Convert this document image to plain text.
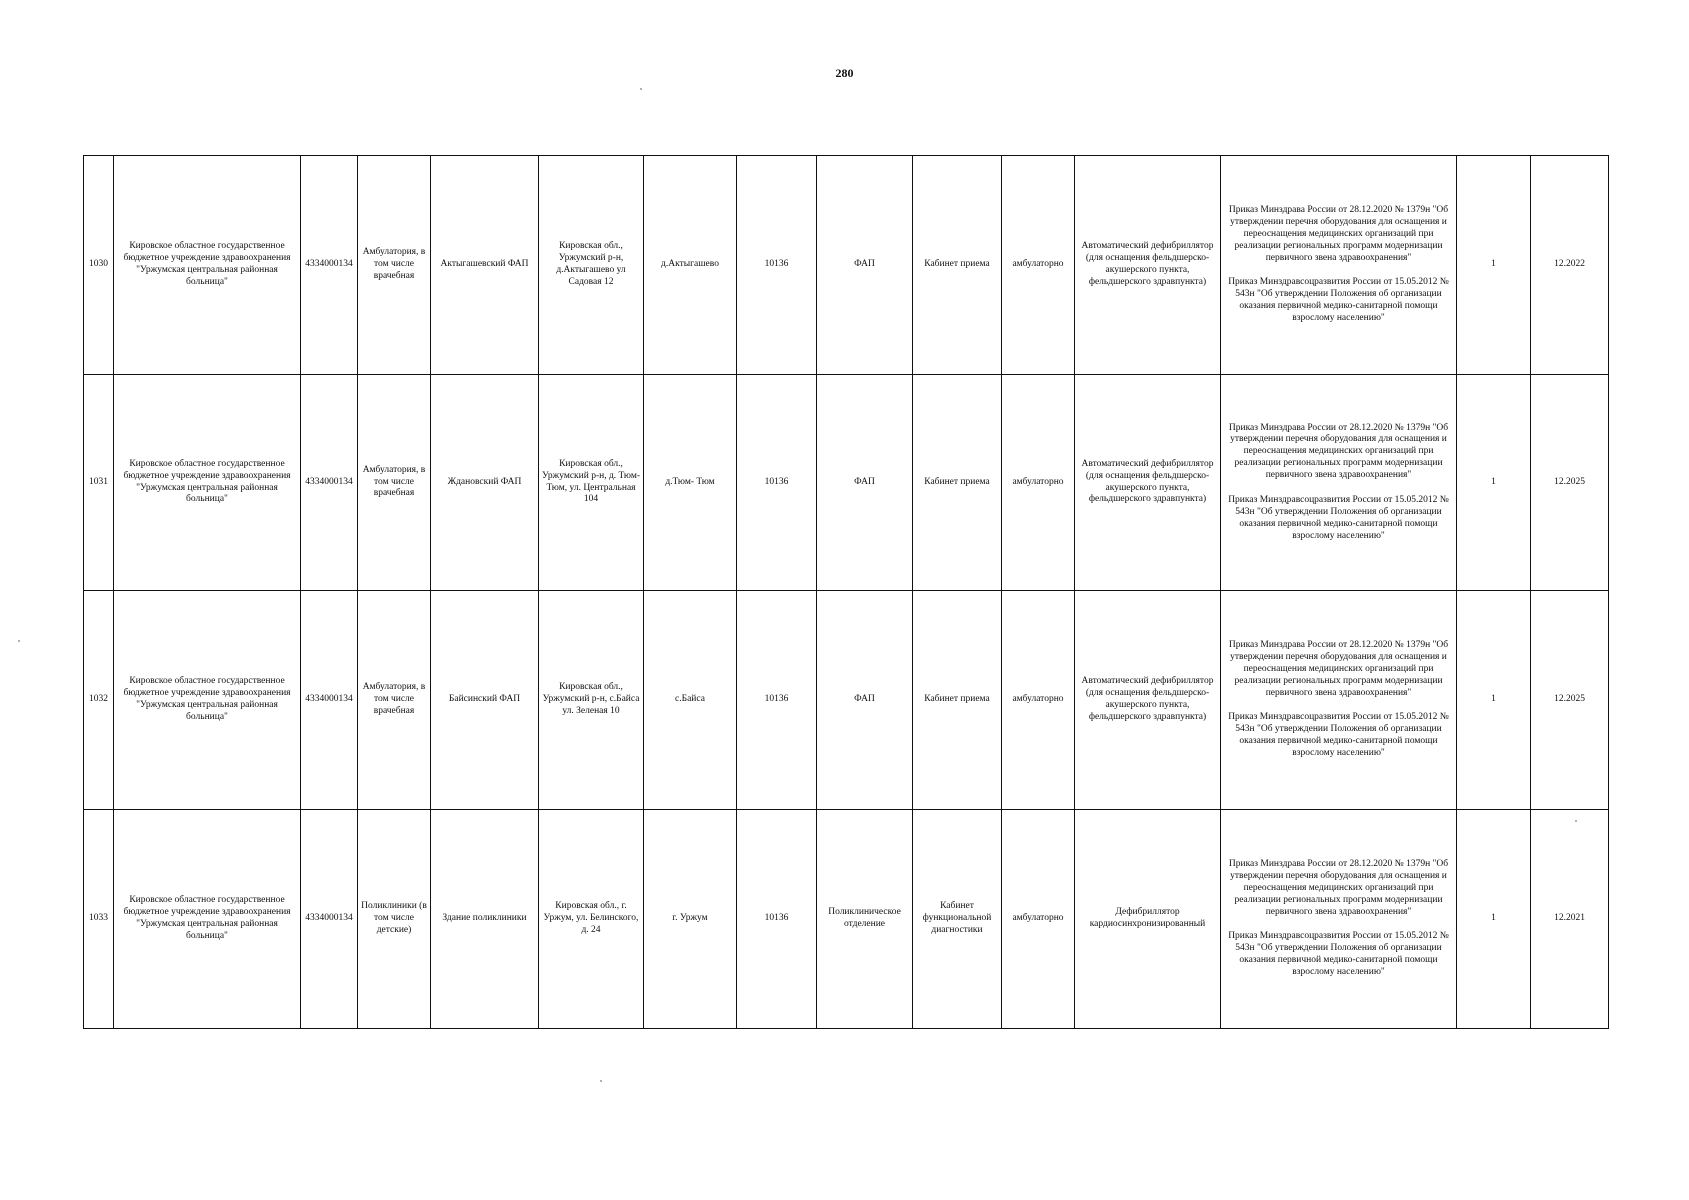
280
1030	Кировское областное государственное бюджетное учреждение здравоохранения "Уржумская центральная районная больница"	4334000134	Амбулатория, в том числе врачебная	Актыгашевский ФАП	Кировская обл., Уржумский р-н, д.Актыгашево ул Садовая 12	д.Актыгашево	10136	ФАП	Кабинет приема	амбулаторно	Автоматический дефибриллятор (для оснащения фельдшерско-акушерского пункта, фельдшерского здравпункта)	Приказ Минздрава России от 28.12.2020 № 1379н "Об утверждении перечня оборудования для оснащения и переоснащения медицинских организаций при реализации региональных программ модернизации первичного звена здравоохранения"
Приказ Минздравсоцразвития России от 15.05.2012 № 543н "Об утверждении Положения об организации оказания первичной медико-санитарной помощи взрослому населению"	1	12.2022
1031	Кировское областное государственное бюджетное учреждение здравоохранения "Уржумская центральная районная больница"	4334000134	Амбулатория, в том числе врачебная	Ждановский ФАП	Кировская обл., Уржумский р-н, д. Тюм- Тюм, ул. Центральная 104	д.Тюм- Тюм	10136	ФАП	Кабинет приема	амбулаторно	Автоматический дефибриллятор (для оснащения фельдшерско-акушерского пункта, фельдшерского здравпункта)	Приказ Минздрава России от 28.12.2020 № 1379н "Об утверждении перечня оборудования для оснащения и переоснащения медицинских организаций при реализации региональных программ модернизации первичного звена здравоохранения"
Приказ Минздравсоцразвития России от 15.05.2012 № 543н "Об утверждении Положения об организации оказания первичной медико-санитарной помощи взрослому населению"	1	12.2025
1032	Кировское областное государственное бюджетное учреждение здравоохранения "Уржумская центральная районная больница"	4334000134	Амбулатория, в том числе врачебная	Байсинский ФАП	Кировская обл., Уржумский р-н, с.Байса ул. Зеленая 10	с.Байса	10136	ФАП	Кабинет приема	амбулаторно	Автоматический дефибриллятор (для оснащения фельдшерско-акушерского пункта, фельдшерского здравпункта)	Приказ Минздрава России от 28.12.2020 № 1379н "Об утверждении перечня оборудования для оснащения и переоснащения медицинских организаций при реализации региональных программ модернизации первичного звена здравоохранения"
Приказ Минздравсоцразвития России от 15.05.2012 № 543н "Об утверждении Положения об организации оказания первичной медико-санитарной помощи взрослому населению"	1	12.2025
1033	Кировское областное государственное бюджетное учреждение здравоохранения "Уржумская центральная районная больница"	4334000134	Поликлиники (в том числе детские)	Здание поликлиники	Кировская обл., г. Уржум, ул. Белинского, д. 24	г. Уржум	10136	Поликлиническое отделение	Кабинет функциональной диагностики	амбулаторно	Дефибриллятор кардиосинхронизированный	Приказ Минздрава России от 28.12.2020 № 1379н "Об утверждении перечня оборудования для оснащения и переоснащения медицинских организаций при реализации региональных программ модернизации первичного звена здравоохранения"
Приказ Минздравсоцразвития России от 15.05.2012 № 543н "Об утверждении Положения об организации оказания первичной медико-санитарной помощи взрослому населению"	1	12.2021
